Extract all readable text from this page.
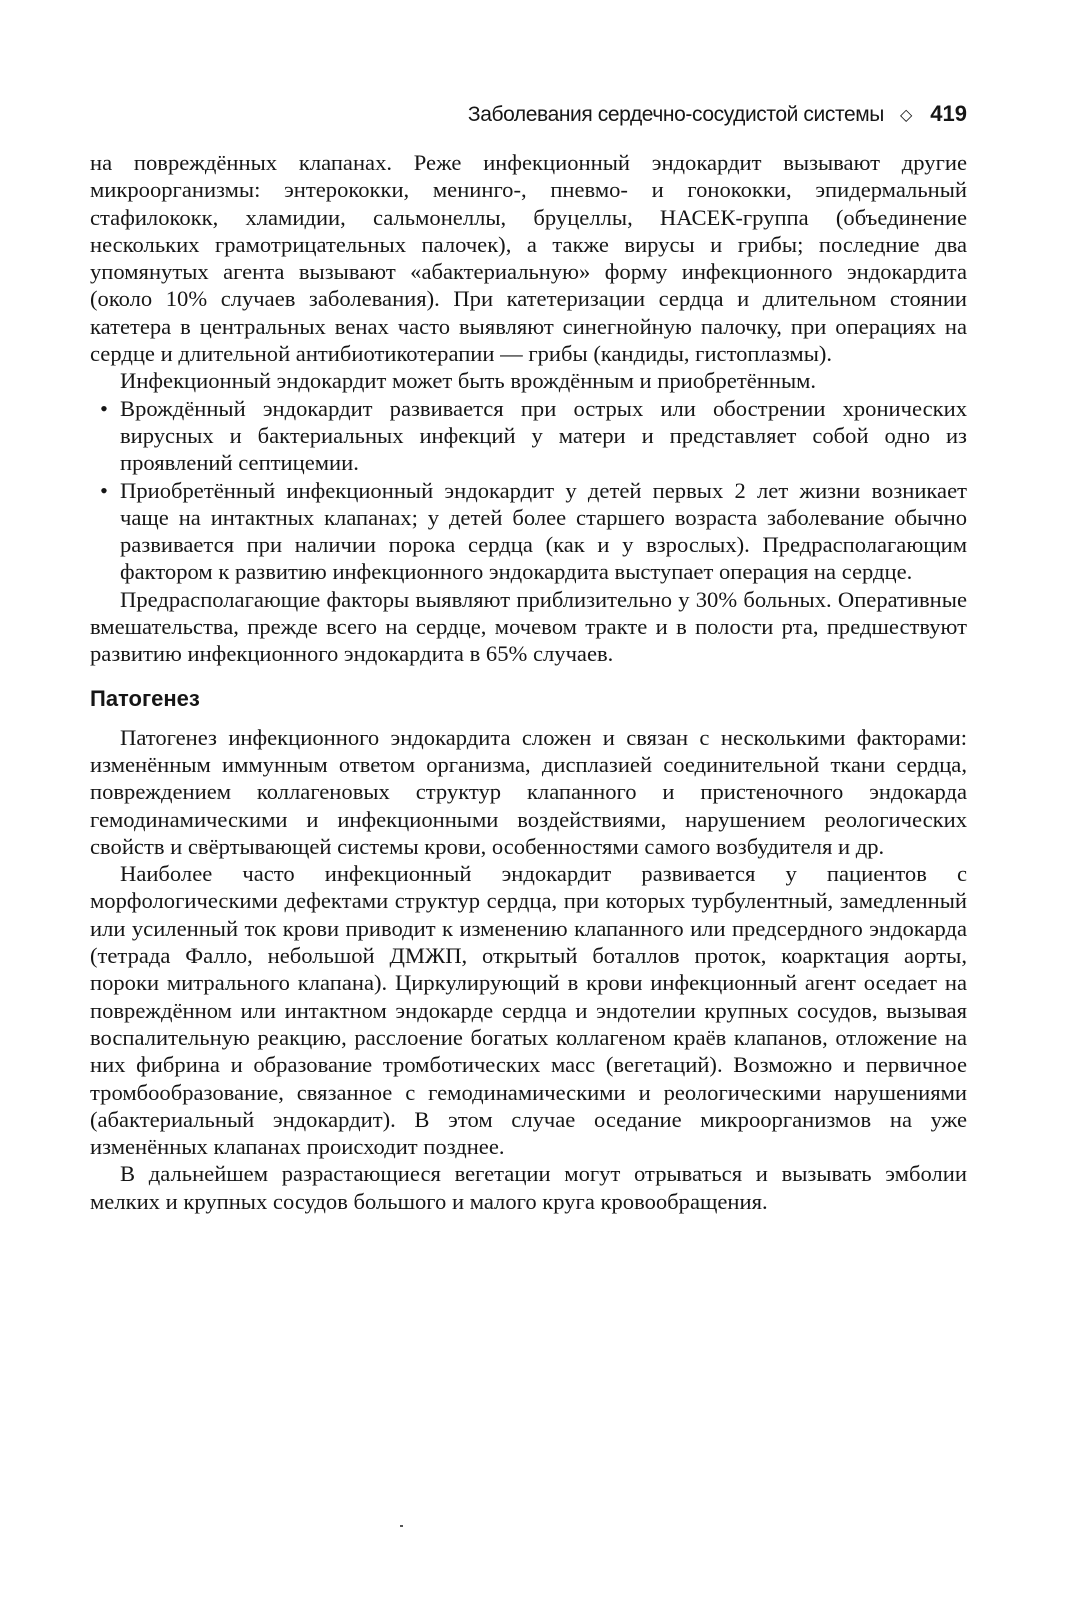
Заболевания сердечно-сосудистой системы ◇ 419

на повреждённых клапанах. Реже инфекционный эндокардит вызывают другие микроорганизмы: энтерококки, менинго-, пневмо- и гонококки, эпидермальный стафилококк, хламидии, сальмонеллы, бруцеллы, НАСЕК-группа (объединение нескольких грамотрицательных палочек), а также вирусы и грибы; последние два упомянутых агента вызывают «абактериальную» форму инфекционного эндокардита (около 10% случаев заболевания). При катетеризации сердца и длительном стоянии катетера в центральных венах часто выявляют синегнойную палочку, при операциях на сердце и длительной антибиотикотерапии — грибы (кандиды, гистоплазмы).

Инфекционный эндокардит может быть врождённым и приобретённым.

• Врождённый эндокардит развивается при острых или обострении хронических вирусных и бактериальных инфекций у матери и представляет собой одно из проявлений септицемии.
• Приобретённый инфекционный эндокардит у детей первых 2 лет жизни возникает чаще на интактных клапанах; у детей более старшего возраста заболевание обычно развивается при наличии порока сердца (как и у взрослых). Предрасполагающим фактором к развитию инфекционного эндокардита выступает операция на сердце.

Предрасполагающие факторы выявляют приблизительно у 30% больных. Оперативные вмешательства, прежде всего на сердце, мочевом тракте и в полости рта, предшествуют развитию инфекционного эндокардита в 65% случаев.

Патогенез

Патогенез инфекционного эндокардита сложен и связан с несколькими факторами: изменённым иммунным ответом организма, дисплазией соединительной ткани сердца, повреждением коллагеновых структур клапанного и пристеночного эндокарда гемодинамическими и инфекционными воздействиями, нарушением реологических свойств и свёртывающей системы крови, особенностями самого возбудителя и др.

Наиболее часто инфекционный эндокардит развивается у пациентов с морфологическими дефектами структур сердца, при которых турбулентный, замедленный или усиленный ток крови приводит к изменению клапанного или предсердного эндокарда (тетрада Фалло, небольшой ДМЖП, открытый боталлов проток, коарктация аорты, пороки митрального клапана). Циркулирующий в крови инфекционный агент оседает на повреждённом или интактном эндокарде сердца и эндотелии крупных сосудов, вызывая воспалительную реакцию, расслоение богатых коллагеном краёв клапанов, отложение на них фибрина и образование тромботических масс (вегетаций). Возможно и первичное тромбообразование, связанное с гемодинамическими и реологическими нарушениями (абактериальный эндокардит). В этом случае оседание микроорганизмов на уже изменённых клапанах происходит позднее.

В дальнейшем разрастающиеся вегетации могут отрываться и вызывать эмболии мелких и крупных сосудов большого и малого круга кровообращения.
